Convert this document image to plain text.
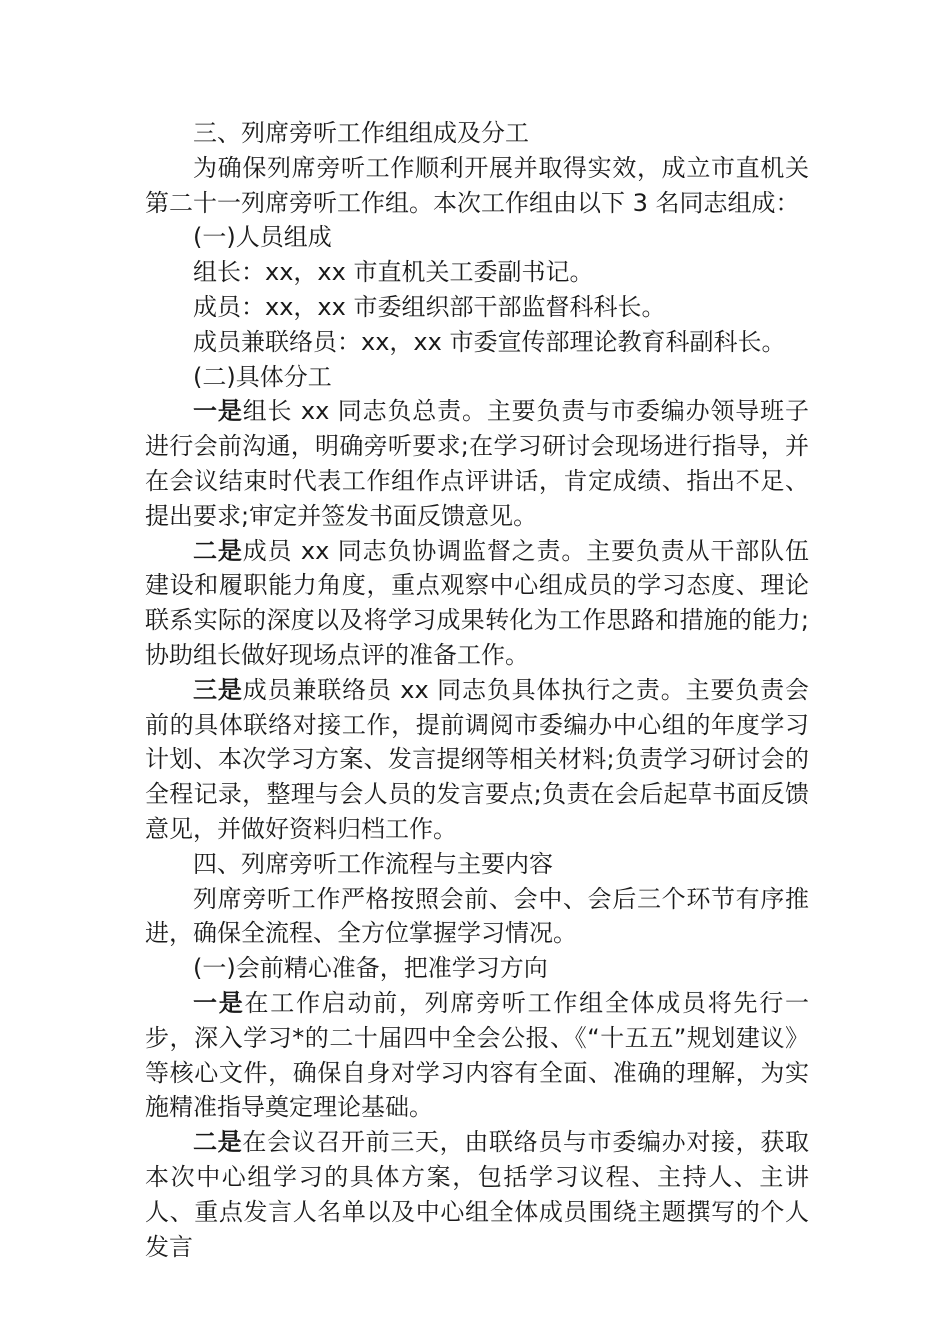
三、列席旁听工作组组成及分工

为确保列席旁听工作顺利开展并取得实效，成立市直机关第二十一列席旁听工作组。本次工作组由以下 3 名同志组成：

(一)人员组成

组长：xx，xx 市直机关工委副书记。

成员：xx，xx 市委组织部干部监督科科长。

成员兼联络员：xx，xx 市委宣传部理论教育科副科长。

(二)具体分工

一是组长 xx 同志负总责。主要负责与市委编办领导班子进行会前沟通，明确旁听要求;在学习研讨会现场进行指导，并在会议结束时代表工作组作点评讲话，肯定成绩、指出不足、提出要求;审定并签发书面反馈意见。

二是成员 xx 同志负协调监督之责。主要负责从干部队伍建设和履职能力角度，重点观察中心组成员的学习态度、理论联系实际的深度以及将学习成果转化为工作思路和措施的能力;协助组长做好现场点评的准备工作。

三是成员兼联络员 xx 同志负具体执行之责。主要负责会前的具体联络对接工作，提前调阅市委编办中心组的年度学习计划、本次学习方案、发言提纲等相关材料;负责学习研讨会的全程记录，整理与会人员的发言要点;负责在会后起草书面反馈意见，并做好资料归档工作。

四、列席旁听工作流程与主要内容

列席旁听工作严格按照会前、会中、会后三个环节有序推进，确保全流程、全方位掌握学习情况。

(一)会前精心准备，把准学习方向

一是在工作启动前，列席旁听工作组全体成员将先行一步，深入学习*的二十届四中全会公报、《“十五五”规划建议》等核心文件，确保自身对学习内容有全面、准确的理解，为实施精准指导奠定理论基础。

二是在会议召开前三天，由联络员与市委编办对接，获取本次中心组学习的具体方案，包括学习议程、主持人、主讲人、重点发言人名单以及中心组全体成员围绕主题撰写的个人发言
